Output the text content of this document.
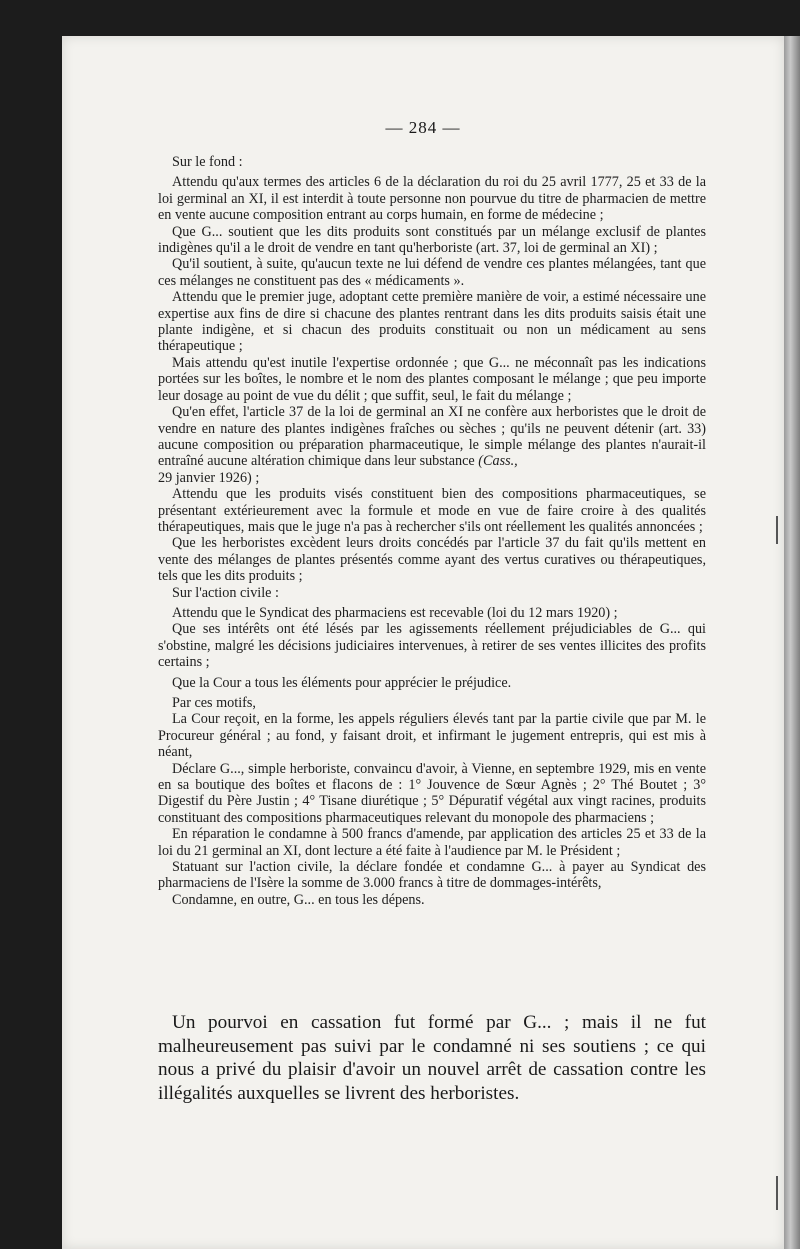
— 284 —

Sur le fond :

Attendu qu'aux termes des articles 6 de la déclaration du roi du 25 avril 1777, 25 et 33 de la loi germinal an XI, il est interdit à toute personne non pourvue du titre de pharmacien de mettre en vente aucune composition entrant au corps humain, en forme de médecine ;

Que G... soutient que les dits produits sont constitués par un mélange exclusif de plantes indigènes qu'il a le droit de vendre en tant qu'herboriste (art. 37, loi de germinal an XI) ;

Qu'il soutient, à suite, qu'aucun texte ne lui défend de vendre ces plantes mélangées, tant que ces mélanges ne constituent pas des « médicaments ».

Attendu que le premier juge, adoptant cette première manière de voir, a estimé nécessaire une expertise aux fins de dire si chacune des plantes rentrant dans les dits produits saisis était une plante indigène, et si chacun des produits constituait ou non un médicament au sens thérapeutique ;

Mais attendu qu'est inutile l'expertise ordonnée ; que G... ne méconnaît pas les indications portées sur les boîtes, le nombre et le nom des plantes composant le mélange ; que peu importe leur dosage au point de vue du délit ; que suffit, seul, le fait du mélange ;

Qu'en effet, l'article 37 de la loi de germinal an XI ne confère aux herboristes que le droit de vendre en nature des plantes indigènes fraîches ou sèches ; qu'ils ne peuvent détenir (art. 33) aucune composition ou préparation pharmaceutique, le simple mélange des plantes n'aurait-il entraîné aucune altération chimique dans leur substance (Cass.,

29 janvier 1926) ;

Attendu que les produits visés constituent bien des compositions pharmaceutiques, se présentant extérieurement avec la formule et mode en vue de faire croire à des qualités thérapeutiques, mais que le juge n'a pas à rechercher s'ils ont réellement les qualités annoncées ;

Que les herboristes excèdent leurs droits concédés par l'article 37 du fait qu'ils mettent en vente des mélanges de plantes présentés comme ayant des vertus curatives ou thérapeutiques, tels que les dits produits ;

Sur l'action civile :

Attendu que le Syndicat des pharmaciens est recevable (loi du 12 mars 1920) ;

Que ses intérêts ont été lésés par les agissements réellement préjudiciables de G... qui s'obstine, malgré les décisions judiciaires intervenues, à retirer de ses ventes illicites des profits certains ;

Que la Cour a tous les éléments pour apprécier le préjudice.

Par ces motifs,

La Cour reçoit, en la forme, les appels réguliers élevés tant par la partie civile que par M. le Procureur général ; au fond, y faisant droit, et infirmant le jugement entrepris, qui est mis à néant,

Déclare G..., simple herboriste, convaincu d'avoir, à Vienne, en septembre 1929, mis en vente en sa boutique des boîtes et flacons de : 1° Jouvence de Sœur Agnès ; 2° Thé Boutet ; 3° Digestif du Père Justin ; 4° Tisane diurétique ; 5° Dépuratif végétal aux vingt racines, produits constituant des compositions pharmaceutiques relevant du monopole des pharmaciens ;

En réparation le condamne à 500 francs d'amende, par application des articles 25 et 33 de la loi du 21 germinal an XI, dont lecture a été faite à l'audience par M. le Président ;

Statuant sur l'action civile, la déclare fondée et condamne G... à payer au Syndicat des pharmaciens de l'Isère la somme de 3.000 francs à titre de dommages-intérêts,

Condamne, en outre, G... en tous les dépens.

Un pourvoi en cassation fut formé par G... ; mais il ne fut malheureusement pas suivi par le condamné ni ses soutiens ; ce qui nous a privé du plaisir d'avoir un nouvel arrêt de cassation contre les illégalités auxquelles se livrent des herboristes.
